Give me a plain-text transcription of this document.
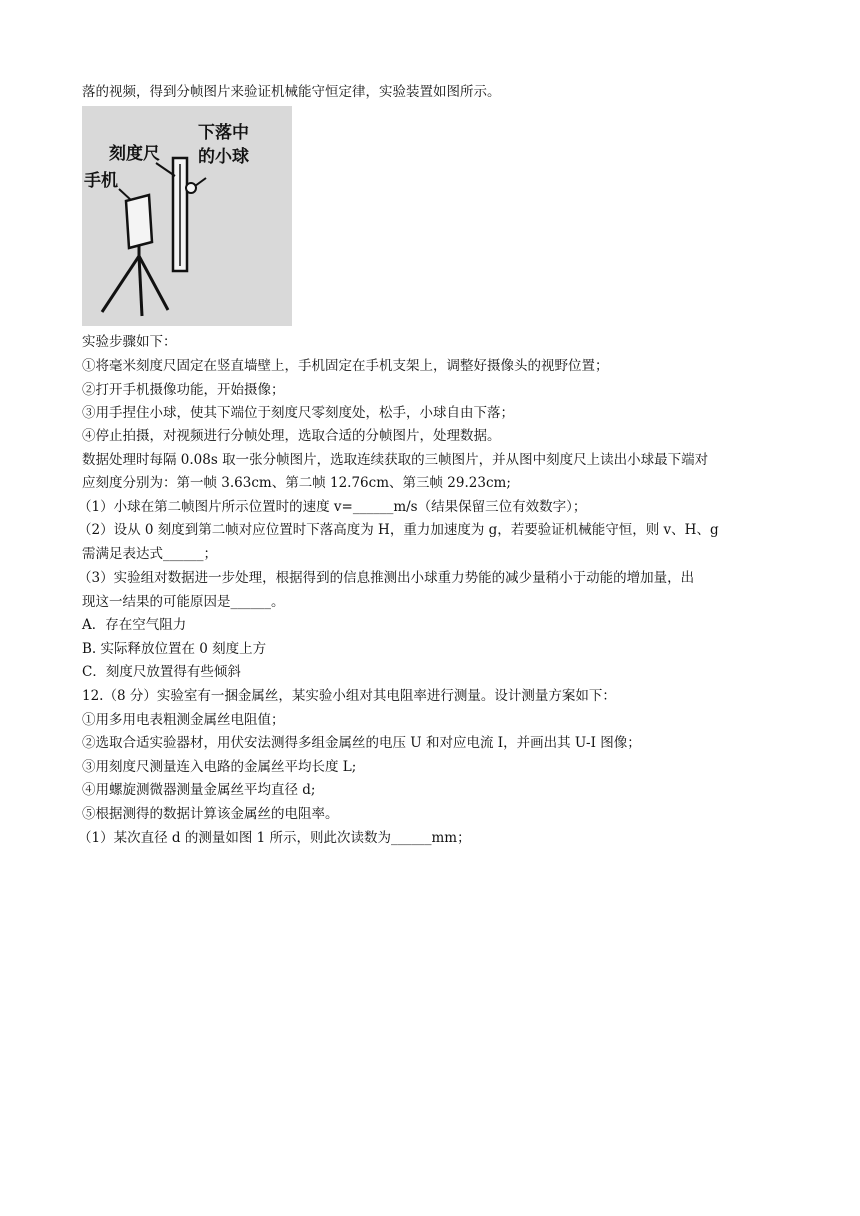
落的视频，得到分帧图片来验证机械能守恒定律，实验装置如图所示。
手机
刻度尺
下落中
的小球
实验步骤如下：
①将毫米刻度尺固定在竖直墙壁上，手机固定在手机支架上，调整好摄像头的视野位置；
②打开手机摄像功能，开始摄像；
③用手捏住小球，使其下端位于刻度尺零刻度处，松手，小球自由下落；
④停止拍摄，对视频进行分帧处理，选取合适的分帧图片，处理数据。
数据处理时每隔 0.08s 取一张分帧图片，选取连续获取的三帧图片，并从图中刻度尺上读出小球最下端对
应刻度分别为：第一帧 3.63cm、第二帧 12.76cm、第三帧 29.23cm;
（1）小球在第二帧图片所示位置时的速度 v=______m/s（结果保留三位有效数字）；
（2）设从 0 刻度到第二帧对应位置时下落高度为 H，重力加速度为 g，若要验证机械能守恒，则 v、H、g
需满足表达式______；
（3）实验组对数据进一步处理，根据得到的信息推测出小球重力势能的减少量稍小于动能的增加量，出
现这一结果的可能原因是______。
A．存在空气阻力
B. 实际释放位置在 0 刻度上方
C．刻度尺放置得有些倾斜
12.（8 分）实验室有一捆金属丝，某实验小组对其电阻率进行测量。设计测量方案如下：
①用多用电表粗测金属丝电阻值；
②选取合适实验器材，用伏安法测得多组金属丝的电压 U 和对应电流 I，并画出其 U-I 图像；
③用刻度尺测量连入电路的金属丝平均长度 L;
④用螺旋测微器测量金属丝平均直径 d;
⑤根据测得的数据计算该金属丝的电阻率。
（1）某次直径 d 的测量如图 1 所示，则此次读数为______mm；
